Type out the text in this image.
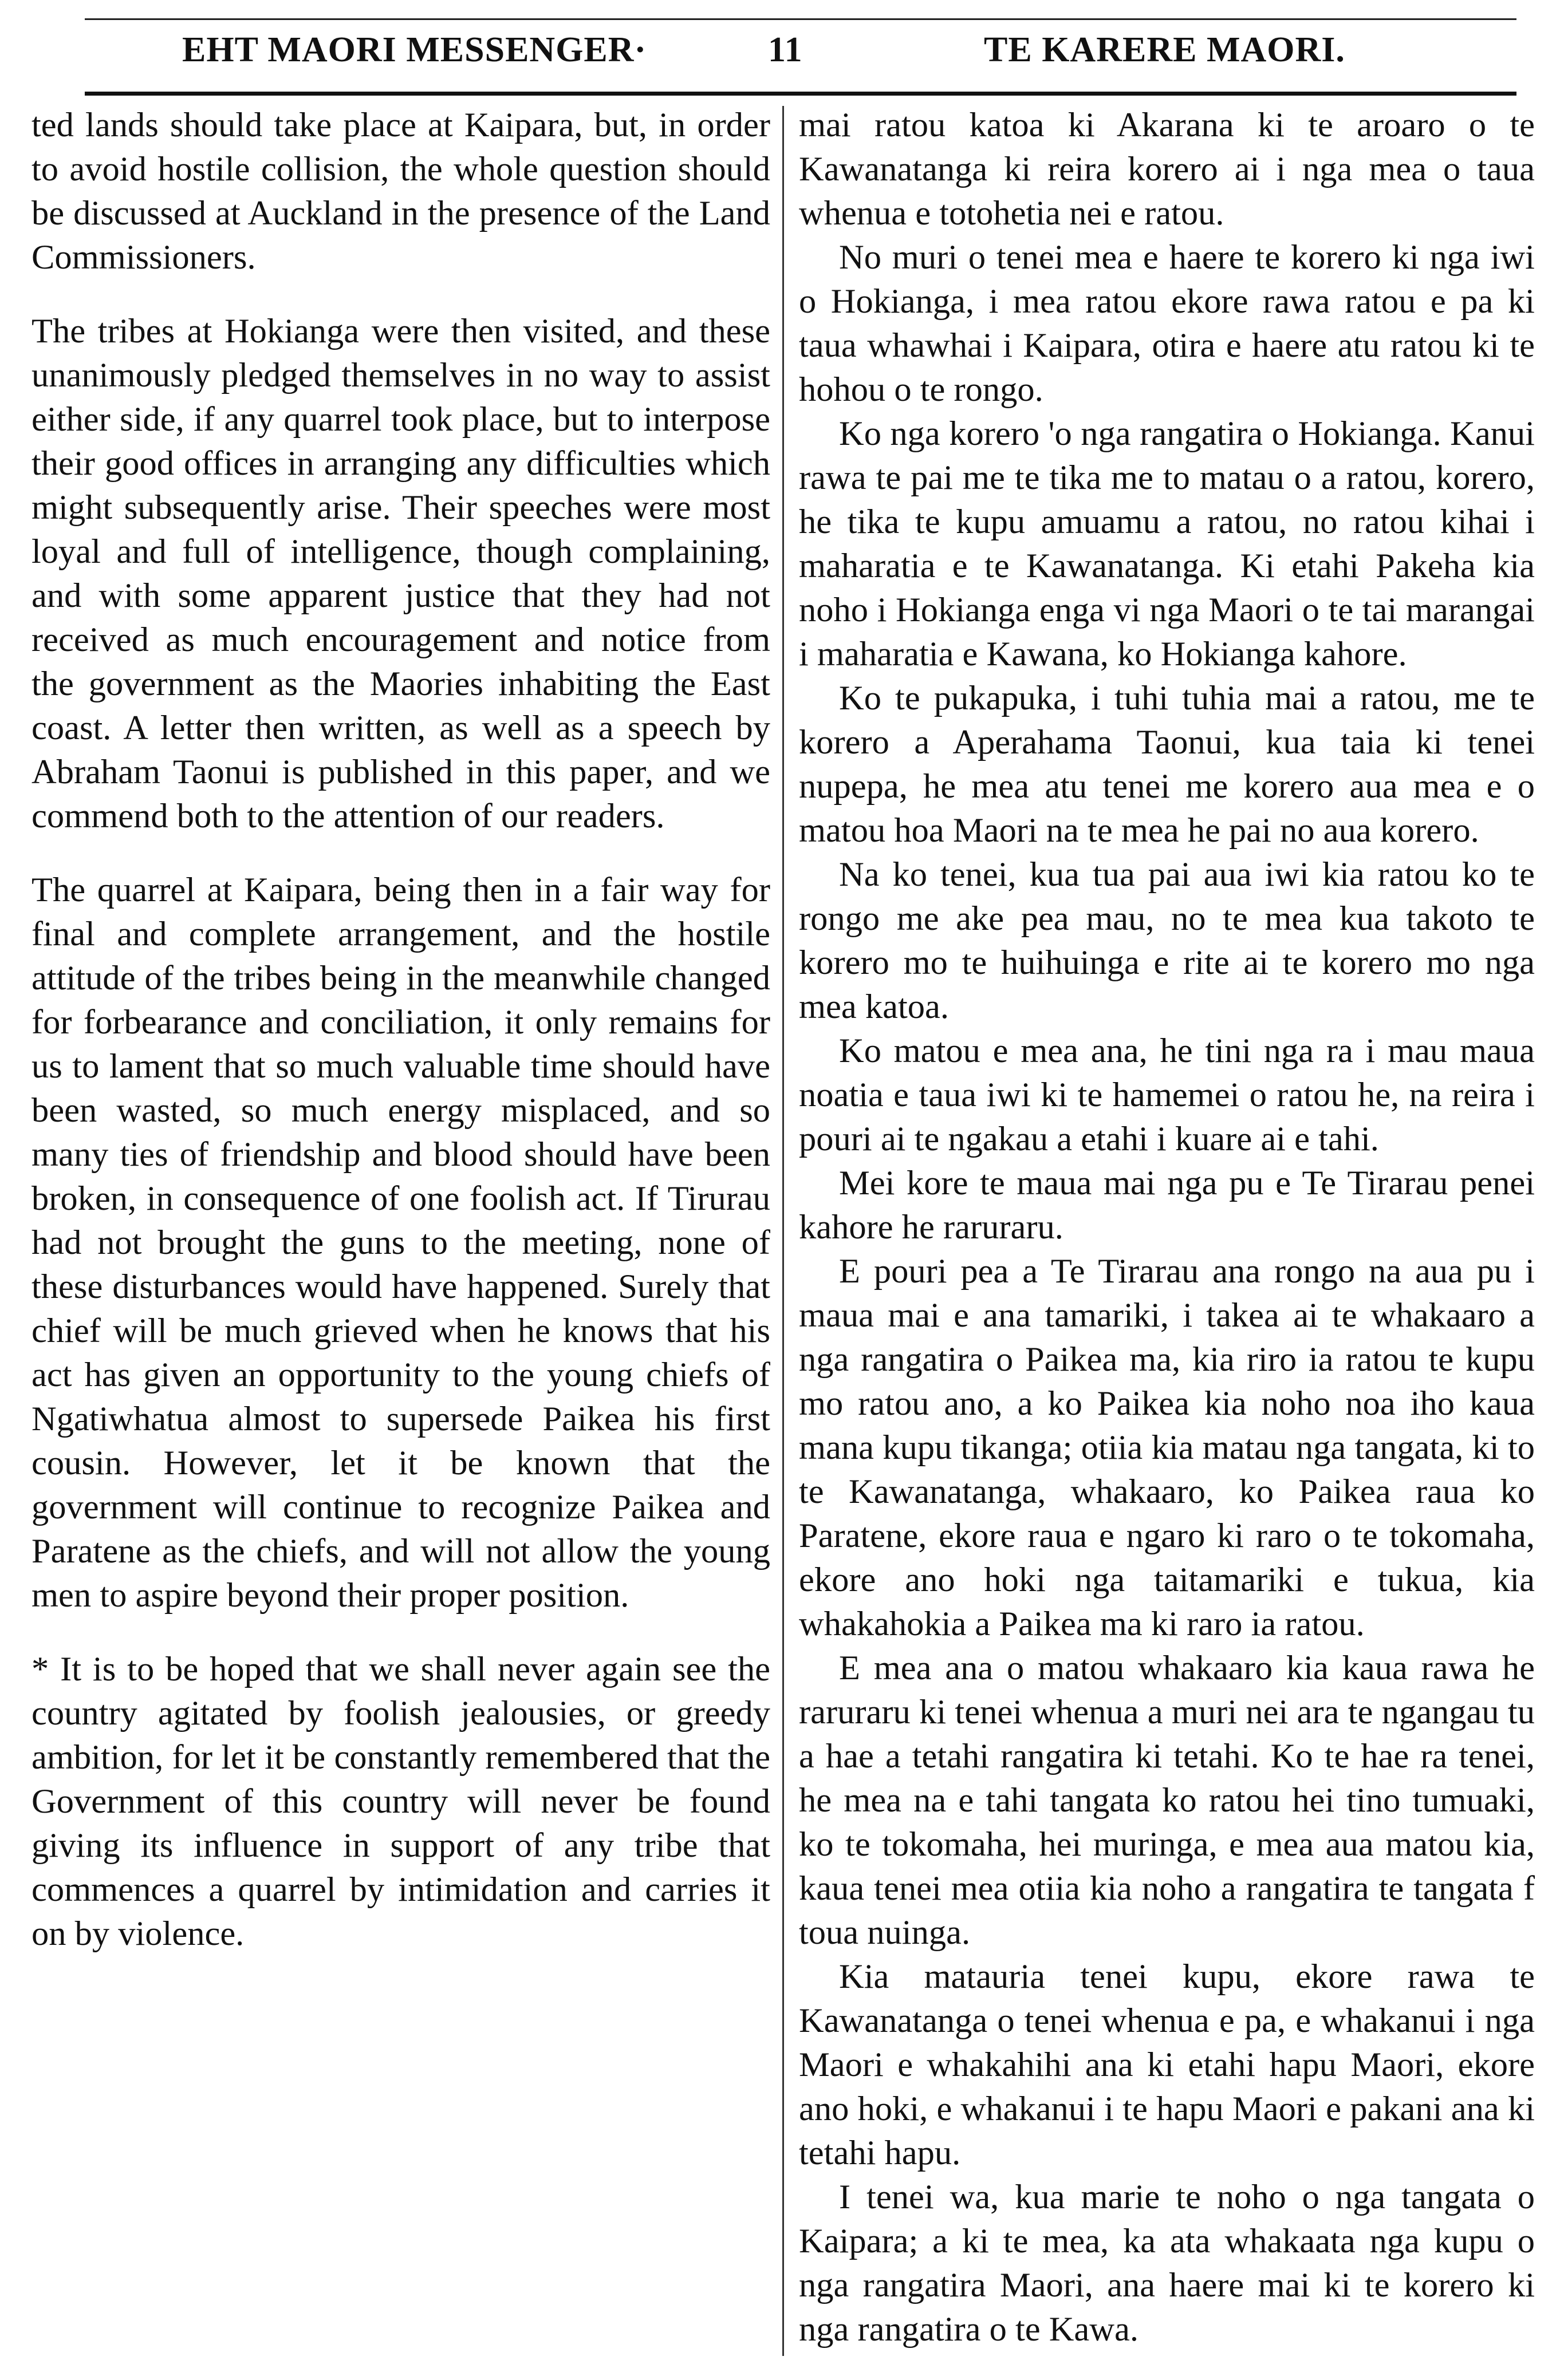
EHT MAORI MESSENGER·	11	TE KARERE MAORI.

ted lands should take place at Kaipara, but, in order to avoid hostile collision, the whole question should be discussed at Auckland in the presence of the Land Commissioners.

The tribes at Hokianga were then visited, and these unanimously pledged themselves in no way to assist either side, if any quarrel took place, but to interpose their good offices in arranging any difficulties which might subsequently arise. Their speeches were most loyal and full of intelligence, though complaining, and with some apparent justice that they had not received as much encouragement and notice from the government as the Maories inhabiting the East coast. A letter then written, as well as a speech by Abraham Taonui is published in this paper, and we commend both to the attention of our readers.

The quarrel at Kaipara, being then in a fair way for final and complete arrangement, and the hostile attitude of the tribes being in the meanwhile changed for forbearance and conciliation, it only remains for us to lament that so much valuable time should have been wasted, so much energy misplaced, and so many ties of friendship and blood should have been broken, in consequence of one foolish act. If Tirurau had not brought the guns to the meeting, none of these disturbances would have happened. Surely that chief will be much grieved when he knows that his act has given an opportunity to the young chiefs of Ngatiwhatua almost to supersede Paikea his first cousin. However, let it be known that the government will continue to recognize Paikea and Paratene as the chiefs, and will not allow the young men to aspire beyond their proper position.

* It is to be hoped that we shall never again see the country agitated by foolish jealousies, or greedy ambition, for let it be constantly remembered that the Government of this country will never be found giving its influence in support of any tribe that commences a quarrel by intimidation and carries it on by violence.

mai ratou katoa ki Akarana ki te aroaro o te Kawanatanga ki reira korero ai i nga mea o taua whenua e totohetia nei e ratou.

No muri o tenei mea e haere te korero ki nga iwi o Hokianga, i mea ratou ekore rawa ratou e pa ki taua whawhai i Kaipara, otira e haere atu ratou ki te hohou o te rongo.

Ko nga korero 'o nga rangatira o Hokianga. Kanui rawa te pai me te tika me to matau o a ratou, korero, he tika te kupu amuamu a ratou, no ratou kihai i maharatia e te Kawanatanga. Ki etahi Pakeha kia noho i Hokianga enga vi nga Maori o te tai marangai i maharatia e Kawana, ko Hokianga kahore.

Ko te pukapuka, i tuhi tuhia mai a ratou, me te korero a Aperahama Taonui, kua taia ki tenei nupepa, he mea atu tenei me korero aua mea e o matou hoa Maori na te mea he pai no aua korero.

Na ko tenei, kua tua pai aua iwi kia ratou ko te rongo me ake pea mau, no te mea kua takoto te korero mo te huihuinga e rite ai te korero mo nga mea katoa.

Ko matou e mea ana, he tini nga ra i mau maua noatia e taua iwi ki te hamemei o ratou he, na reira i pouri ai te ngakau a etahi i kuare ai e tahi.

Mei kore te maua mai nga pu e Te Tirarau penei kahore he raruraru.

E pouri pea a Te Tirarau ana rongo na aua pu i maua mai e ana tamariki, i takea ai te whakaaro a nga rangatira o Paikea ma, kia riro ia ratou te kupu mo ratou ano, a ko Paikea kia noho noa iho kaua mana kupu tikanga; otiia kia matau nga tangata, ki to te Kawanatanga, whakaaro, ko Paikea raua ko Paratene, ekore raua e ngaro ki raro o te tokomaha, ekore ano hoki nga taitamariki e tukua, kia whakahokia a Paikea ma ki raro ia ratou.

E mea ana o matou whakaaro kia kaua rawa he raruraru ki tenei whenua a muri nei ara te ngangau tu a hae a tetahi rangatira ki tetahi. Ko te hae ra tenei, he mea na e tahi tangata ko ratou hei tino tumuaki, ko te tokomaha, hei muringa, e mea aua matou kia, kaua tenei mea otiia kia noho a rangatira te tangata f toua nuinga.

Kia matauria tenei kupu, ekore rawa te Kawanatanga o tenei whenua e pa, e whakanui i nga Maori e whakahihi ana ki etahi hapu Maori, ekore ano hoki, e whakanui i te hapu Maori e pakani ana ki tetahi hapu.

I tenei wa, kua marie te noho o nga tangata o Kaipara; a ki te mea, ka ata whakaata nga kupu o nga rangatira Maori, ana haere mai ki te korero ki nga rangatira o te Kawa.
